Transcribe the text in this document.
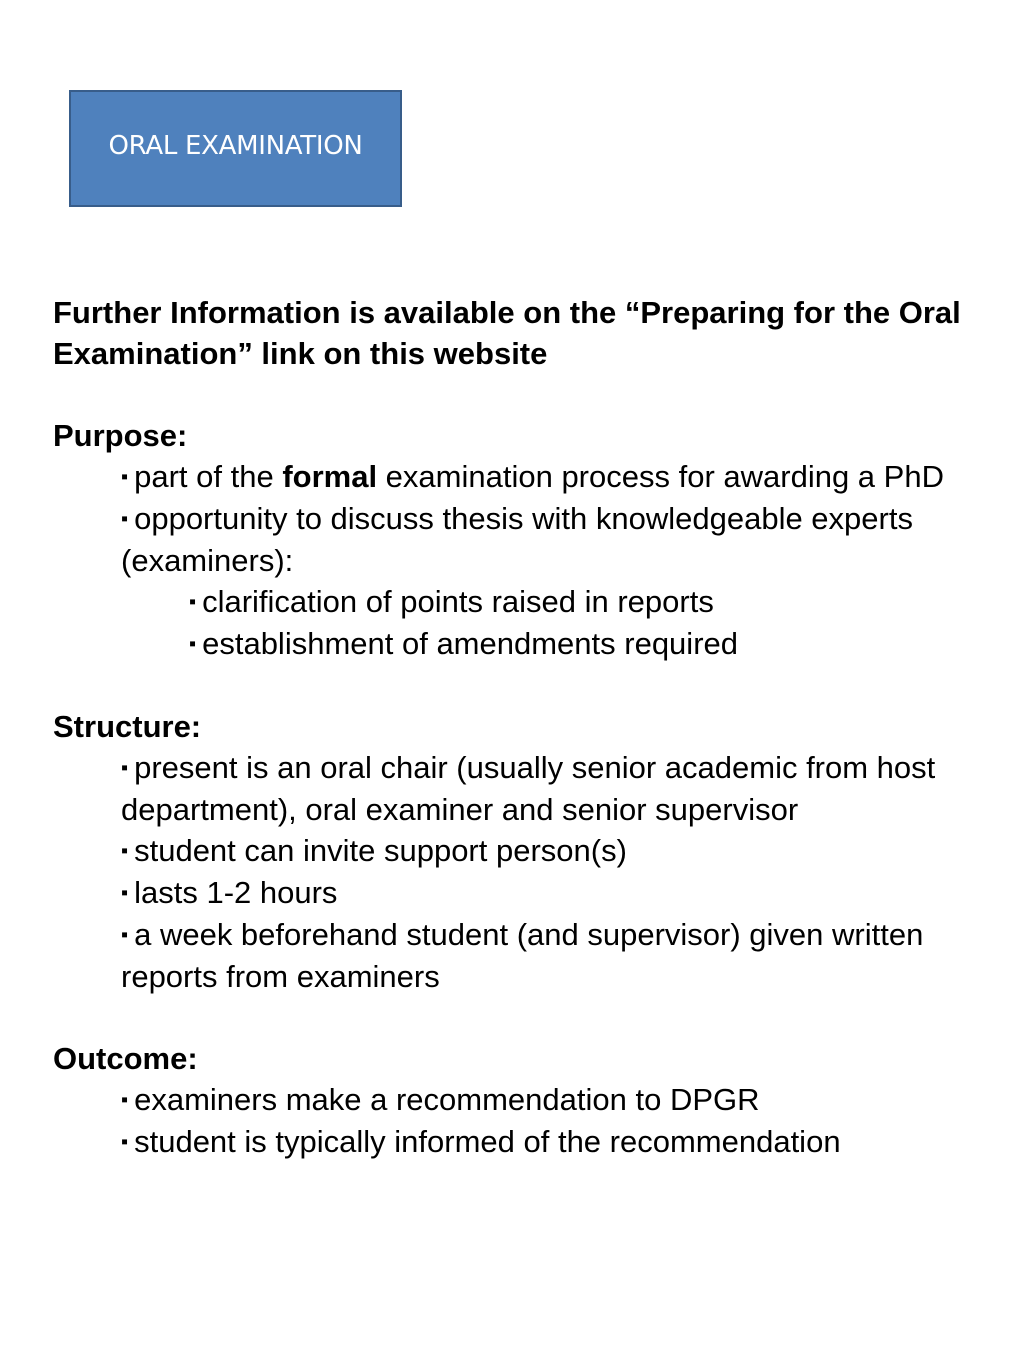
ORAL EXAMINATION

Further Information is available on the “Preparing for the Oral Examination” link on this website

Purpose:

▪ part of the formal examination process for awarding a PhD

▪ opportunity to discuss thesis with knowledgeable experts (examiners):

▪ clarification of points raised in reports

▪ establishment of amendments required

Structure:

▪ present is an oral chair (usually senior academic from host department), oral examiner and senior supervisor

▪ student can invite support person(s)

▪ lasts 1-2 hours

▪ a week beforehand student (and supervisor) given written reports from examiners

Outcome:

▪ examiners make a recommendation to DPGR

▪ student is typically informed of the recommendation
